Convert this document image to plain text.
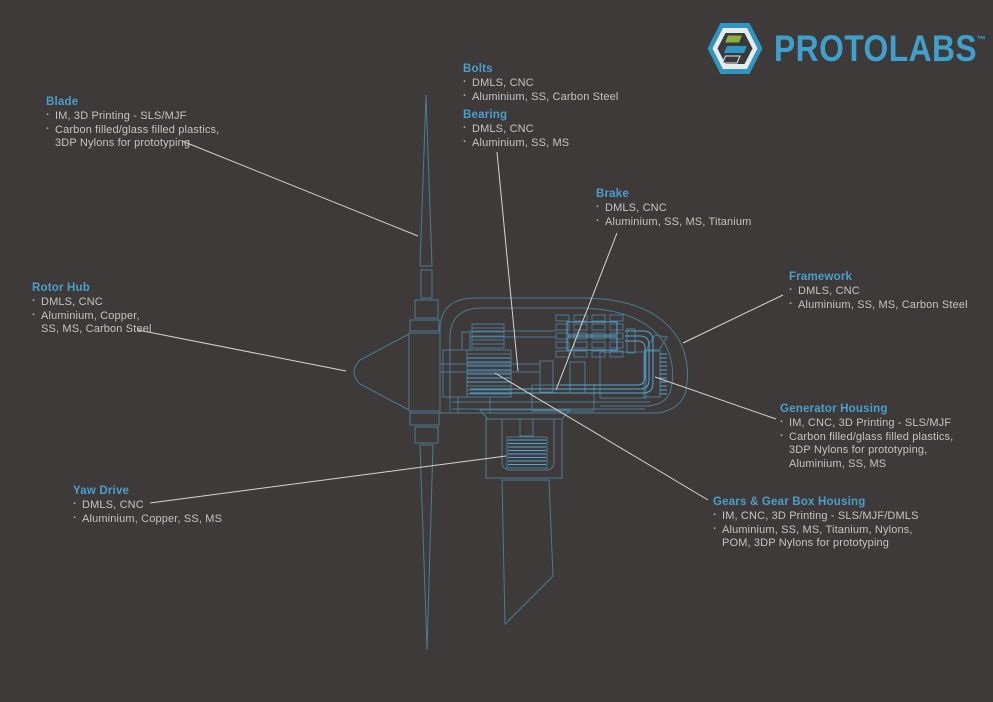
PROTOLABS™
Blade
· IM, 3D Printing - SLS/MJF
· Carbon filled/glass filled plastics,
3DP Nylons for prototyping
Bolts
· DMLS, CNC
· Aluminium, SS, Carbon Steel
Bearing
· DMLS, CNC
· Aluminium, SS, MS
Brake
· DMLS, CNC
· Aluminium, SS, MS, Titanium
Framework
· DMLS, CNC
· Aluminium, SS, MS, Carbon Steel
Rotor Hub
· DMLS, CNC
· Aluminium, Copper,
SS, MS, Carbon Steel
Generator Housing
· IM, CNC, 3D Printing - SLS/MJF
· Carbon filled/glass filled plastics,
3DP Nylons for prototyping,
Aluminium, SS, MS
Yaw Drive
· DMLS, CNC
· Aluminium, Copper, SS, MS
Gears & Gear Box Housing
· IM, CNC, 3D Printing - SLS/MJF/DMLS
· Aluminium, SS, MS, Titanium, Nylons,
POM, 3DP Nylons for prototyping
